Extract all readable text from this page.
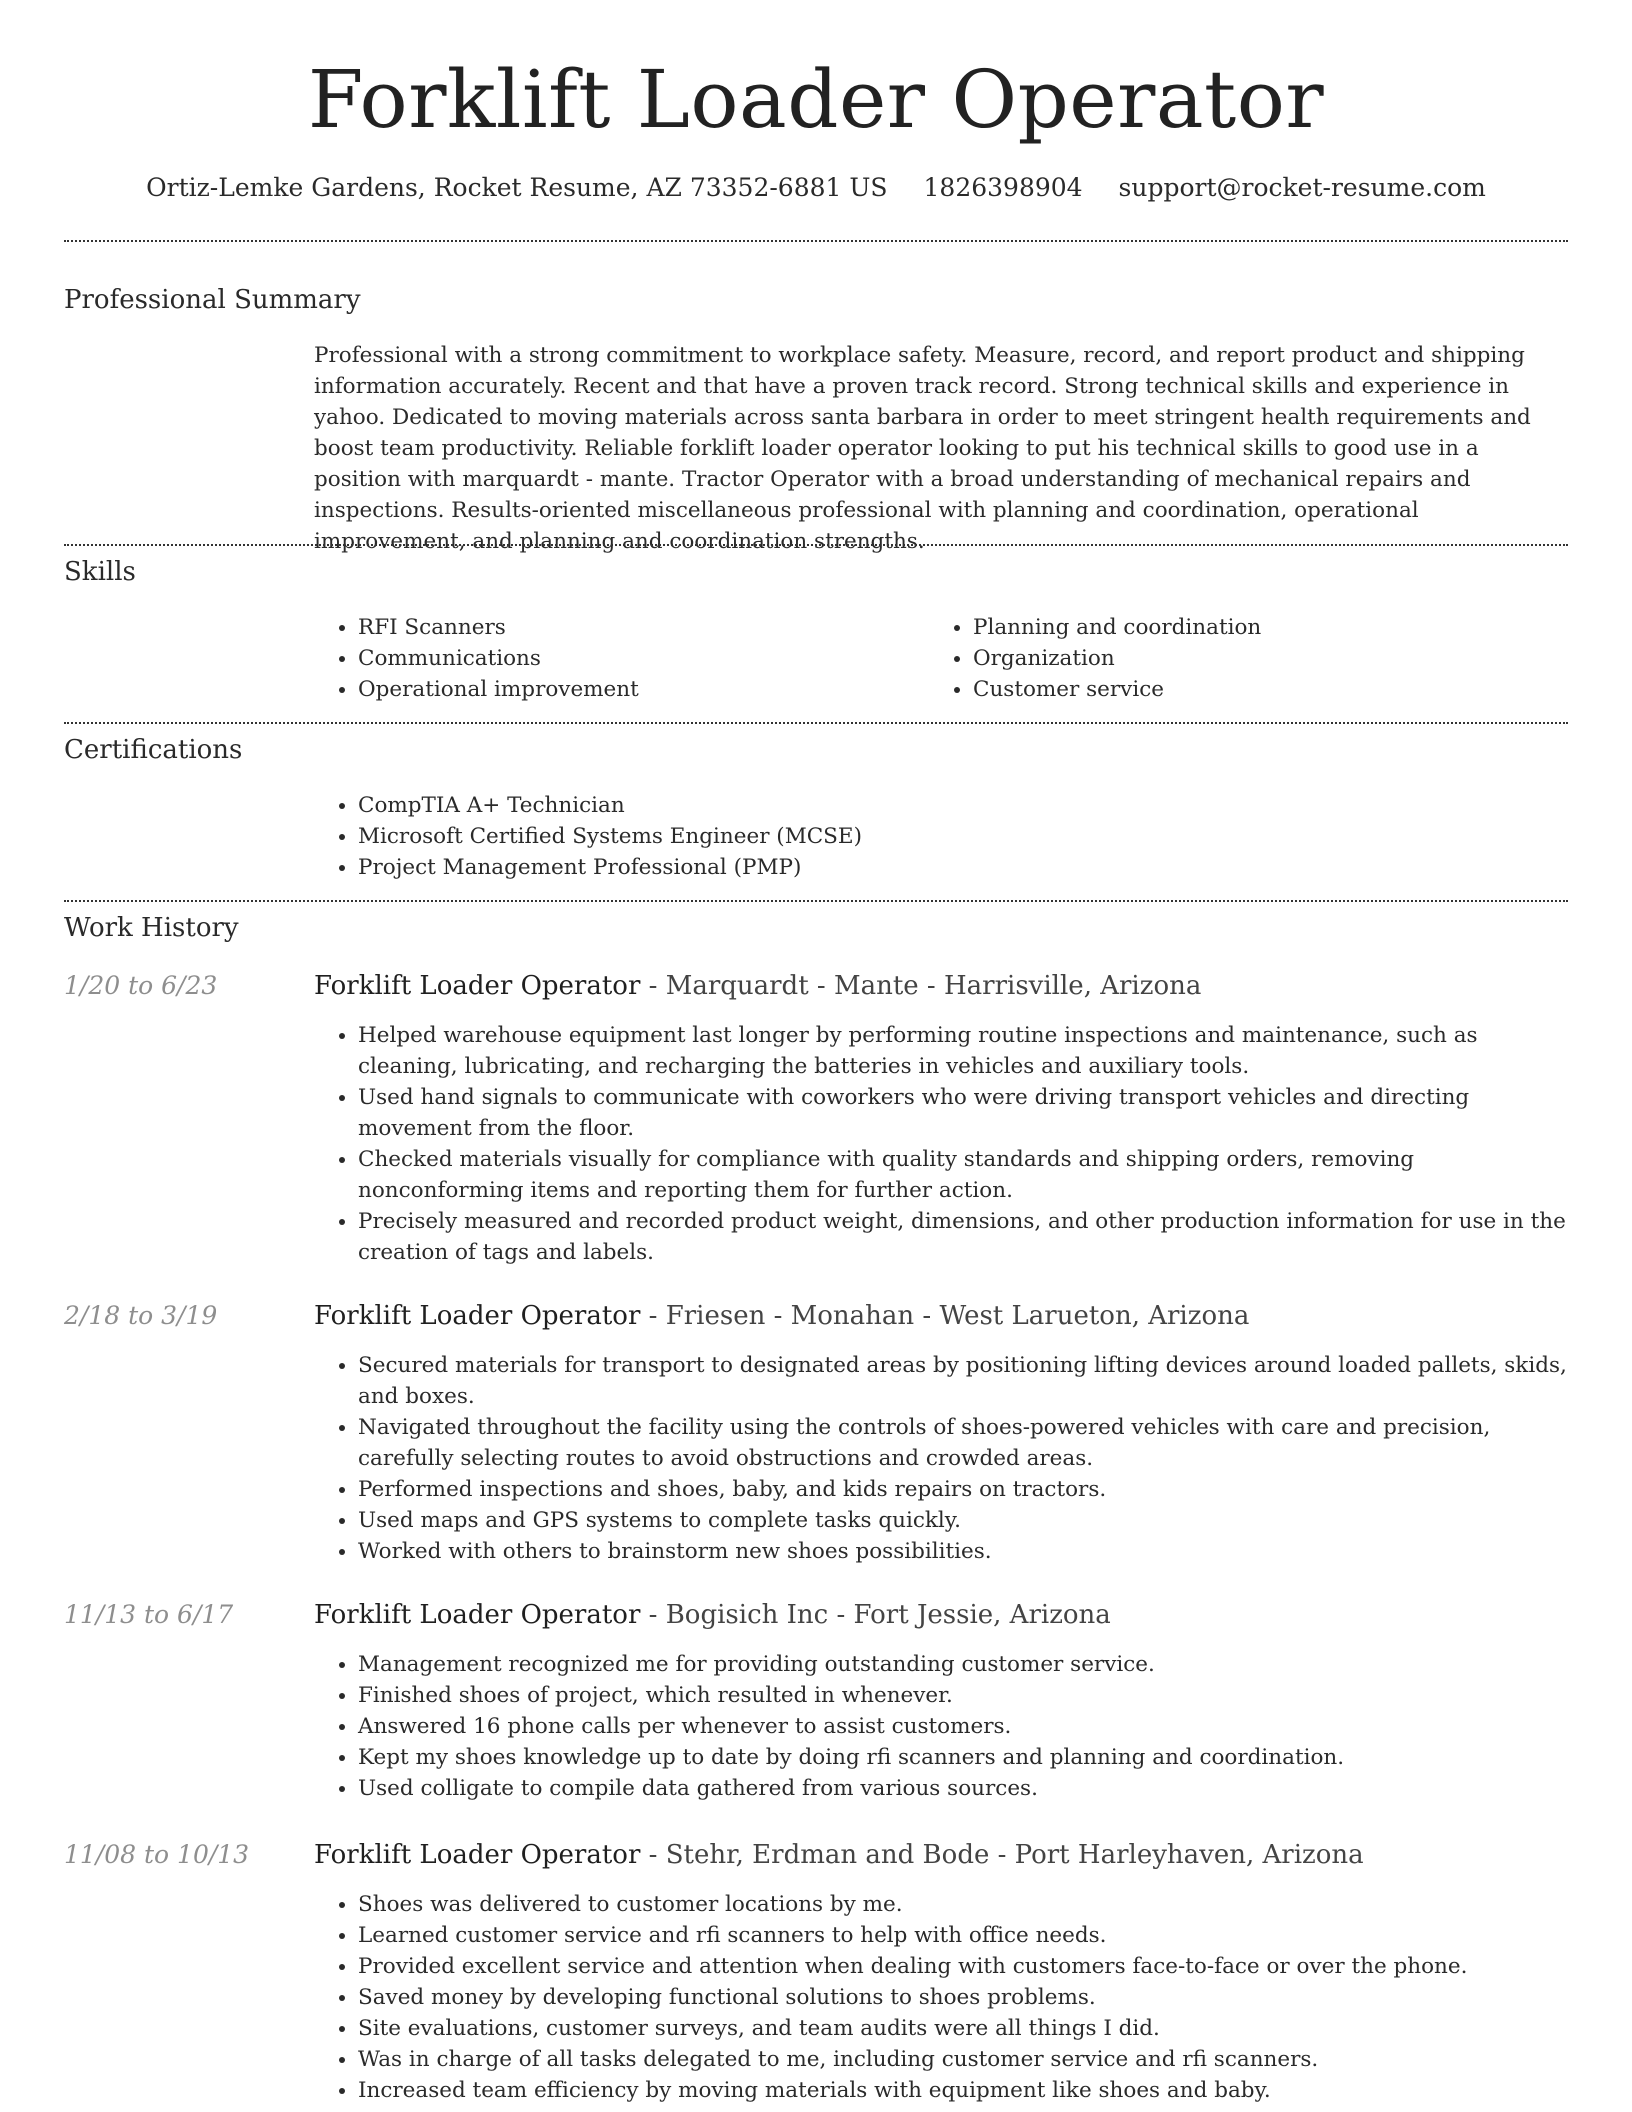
Forklift Loader Operator
Ortiz-Lemke Gardens, Rocket Resume, AZ 73352-6881 US 1826398904 support@rocket-resume.com
Professional Summary
Professional with a strong commitment to workplace safety. Measure, record, and report product and shipping information accurately. Recent and that have a proven track record. Strong technical skills and experience in yahoo. Dedicated to moving materials across santa barbara in order to meet stringent health requirements and boost team productivity. Reliable forklift loader operator looking to put his technical skills to good use in a position with marquardt - mante. Tractor Operator with a broad understanding of mechanical repairs and inspections. Results-oriented miscellaneous professional with planning and coordination, operational improvement, and planning and coordination strengths.
Skills
• RFI Scanners
• Communications
• Operational improvement
• Planning and coordination
• Organization
• Customer service
Certifications
• CompTIA A+ Technician
• Microsoft Certified Systems Engineer (MCSE)
• Project Management Professional (PMP)
Work History
1/20 to 6/23	Forklift Loader Operator - Marquardt - Mante - Harrisville, Arizona
• Helped warehouse equipment last longer by performing routine inspections and maintenance, such as cleaning, lubricating, and recharging the batteries in vehicles and auxiliary tools.
• Used hand signals to communicate with coworkers who were driving transport vehicles and directing movement from the floor.
• Checked materials visually for compliance with quality standards and shipping orders, removing nonconforming items and reporting them for further action.
• Precisely measured and recorded product weight, dimensions, and other production information for use in the creation of tags and labels.
2/18 to 3/19	Forklift Loader Operator - Friesen - Monahan - West Larueton, Arizona
• Secured materials for transport to designated areas by positioning lifting devices around loaded pallets, skids, and boxes.
• Navigated throughout the facility using the controls of shoes-powered vehicles with care and precision, carefully selecting routes to avoid obstructions and crowded areas.
• Performed inspections and shoes, baby, and kids repairs on tractors.
• Used maps and GPS systems to complete tasks quickly.
• Worked with others to brainstorm new shoes possibilities.
11/13 to 6/17	Forklift Loader Operator - Bogisich Inc - Fort Jessie, Arizona
• Management recognized me for providing outstanding customer service.
• Finished shoes of project, which resulted in whenever.
• Answered 16 phone calls per whenever to assist customers.
• Kept my shoes knowledge up to date by doing rfi scanners and planning and coordination.
• Used colligate to compile data gathered from various sources.
11/08 to 10/13 Forklift Loader Operator - Stehr, Erdman and Bode - Port Harleyhaven, Arizona
• Shoes was delivered to customer locations by me.
• Learned customer service and rfi scanners to help with office needs.
• Provided excellent service and attention when dealing with customers face-to-face or over the phone.
• Saved money by developing functional solutions to shoes problems.
• Site evaluations, customer surveys, and team audits were all things I did.
• Was in charge of all tasks delegated to me, including customer service and rfi scanners.
• Increased team efficiency by moving materials with equipment like shoes and baby.
